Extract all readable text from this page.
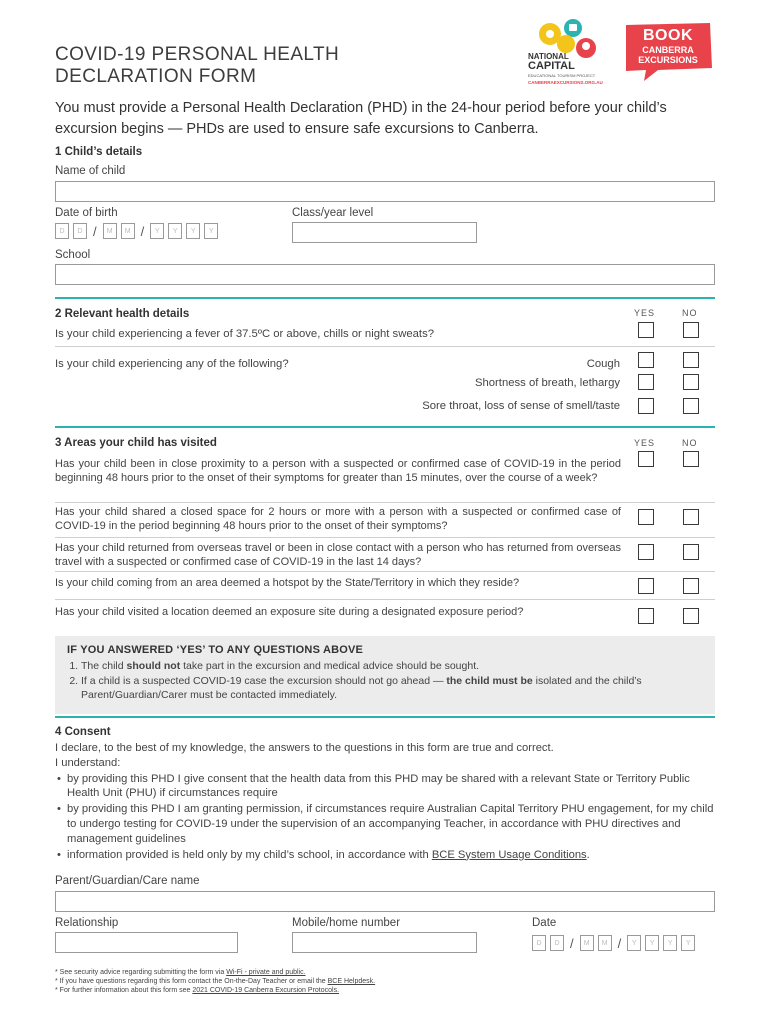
COVID-19 PERSONAL HEALTH
DECLARATION FORM
NATIONAL
CAPITAL
EDUCATIONAL TOURISM PROJECT
CANBERRAEXCURSIONS.ORG.AU
BOOK
CANBERRA
EXCURSIONS
You must provide a Personal Health Declaration (PHD) in the 24-hour period before your child’s excursion begins — PHDs are used to ensure safe excursions to Canberra.
1 Child’s details
Name of child
Date of birth
D	D /	M	M /	Y	Y	Y	Y
Class/year level
School
2 Relevant health details	YES	NO
Is your child experiencing a fever of 37.5ºC or above, chills or night sweats?
Is your child experiencing any of the following?	Cough
Shortness of breath, lethargy
Sore throat, loss of sense of smell/taste
3 Areas your child has visited	YES	NO
Has your child been in close proximity to a person with a suspected or confirmed case of COVID-19 in the period beginning 48 hours prior to the onset of their symptoms for greater than 15 minutes, over the course of a week?
Has your child shared a closed space for 2 hours or more with a person with a suspected or confirmed case of COVID-19 in the period beginning 48 hours prior to the onset of their symptoms?
Has your child returned from overseas travel or been in close contact with a person who has returned from overseas travel with a suspected or confirmed case of COVID-19 in the last 14 days?
Is your child coming from an area deemed a hotspot by the State/Territory in which they reside?
Has your child visited a location deemed an exposure site during a designated exposure period?
IF YOU ANSWERED ‘YES’ TO ANY QUESTIONS ABOVE
1. The child should not take part in the excursion and medical advice should be sought.
2. If a child is a suspected COVID-19 case the excursion should not go ahead — the child must be isolated and the child’s Parent/Guardian/Carer must be contacted immediately.
4 Consent
I declare, to the best of my knowledge, the answers to the questions in this form are true and correct.
I understand:
• by providing this PHD I give consent that the health data from this PHD may be shared with a relevant State or Territory Public Health Unit (PHU) if circumstances require
• by providing this PHD I am granting permission, if circumstances require Australian Capital Territory PHU engagement, for my child to undergo testing for COVID-19 under the supervision of an accompanying Teacher, in accordance with PHU directives and management guidelines
• information provided is held only by my child’s school, in accordance with BCE System Usage Conditions.
Parent/Guardian/Care name
Relationship	Mobile/home number	Date
D	D /	M	M /	Y	Y	Y	Y
* See security advice regarding submitting the form via Wi-Fi - private and public.
* If you have questions regarding this form contact the On-the-Day Teacher or email the BCE Helpdesk.
* For further information about this form see 2021 COVID-19 Canberra Excursion Protocols.
